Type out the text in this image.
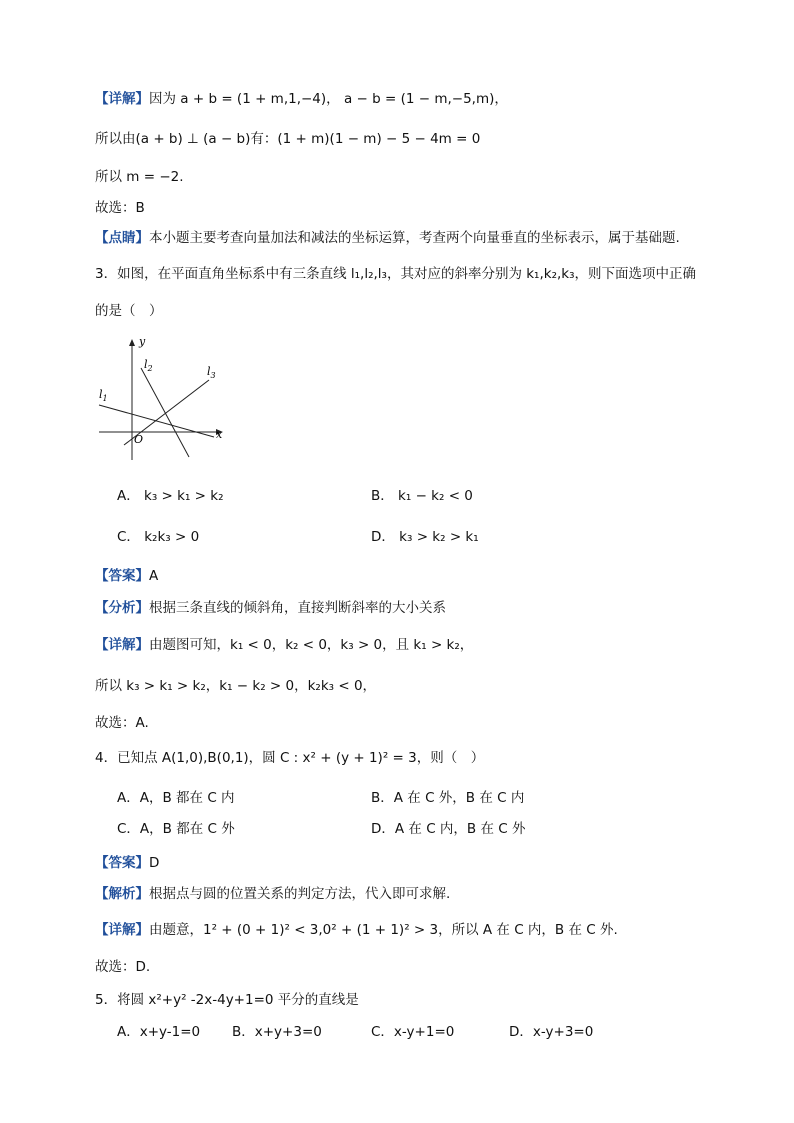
【详解】因为 a + b = (1 + m,1,−4)， a − b = (1 − m,−5,m)，
所以由(a + b) ⊥ (a − b)有：(1 + m)(1 − m) − 5 − 4m = 0
所以 m = −2.
故选：B
【点睛】本小题主要考查向量加法和减法的坐标运算，考查两个向量垂直的坐标表示，属于基础题.
3．如图，在平面直角坐标系中有三条直线 l₁,l₂,l₃，其对应的斜率分别为 k₁,k₂,k₃，则下面选项中正确
的是（　）
y
x
O
$l_1$
$l_2$	$l_3$
A． k₃ > k₁ > k₂	B． k₁ − k₂ < 0
C． k₂k₃ > 0	D． k₃ > k₂ > k₁
【答案】A
【分析】根据三条直线的倾斜角，直接判断斜率的大小关系
【详解】由题图可知，k₁ < 0，k₂ < 0，k₃ > 0，且 k₁ > k₂，
所以 k₃ > k₁ > k₂，k₁ − k₂ > 0，k₂k₃ < 0，
故选：A.
4．已知点 A(1,0),B(0,1)，圆 C : x² + (y + 1)² = 3，则（　）
A．A，B 都在 C 内	B．A 在 C 外，B 在 C 内
C．A，B 都在 C 外	D．A 在 C 内，B 在 C 外
【答案】D
【解析】根据点与圆的位置关系的判定方法，代入即可求解.
【详解】由题意，1² + (0 + 1)² < 3,0² + (1 + 1)² > 3，所以 A 在 C 内，B 在 C 外.
故选：D.
5．将圆 x²+y² -2x-4y+1=0 平分的直线是
A．x+y-1=0 B．x+y+3=0	C．x-y+1=0	D．x-y+3=0
